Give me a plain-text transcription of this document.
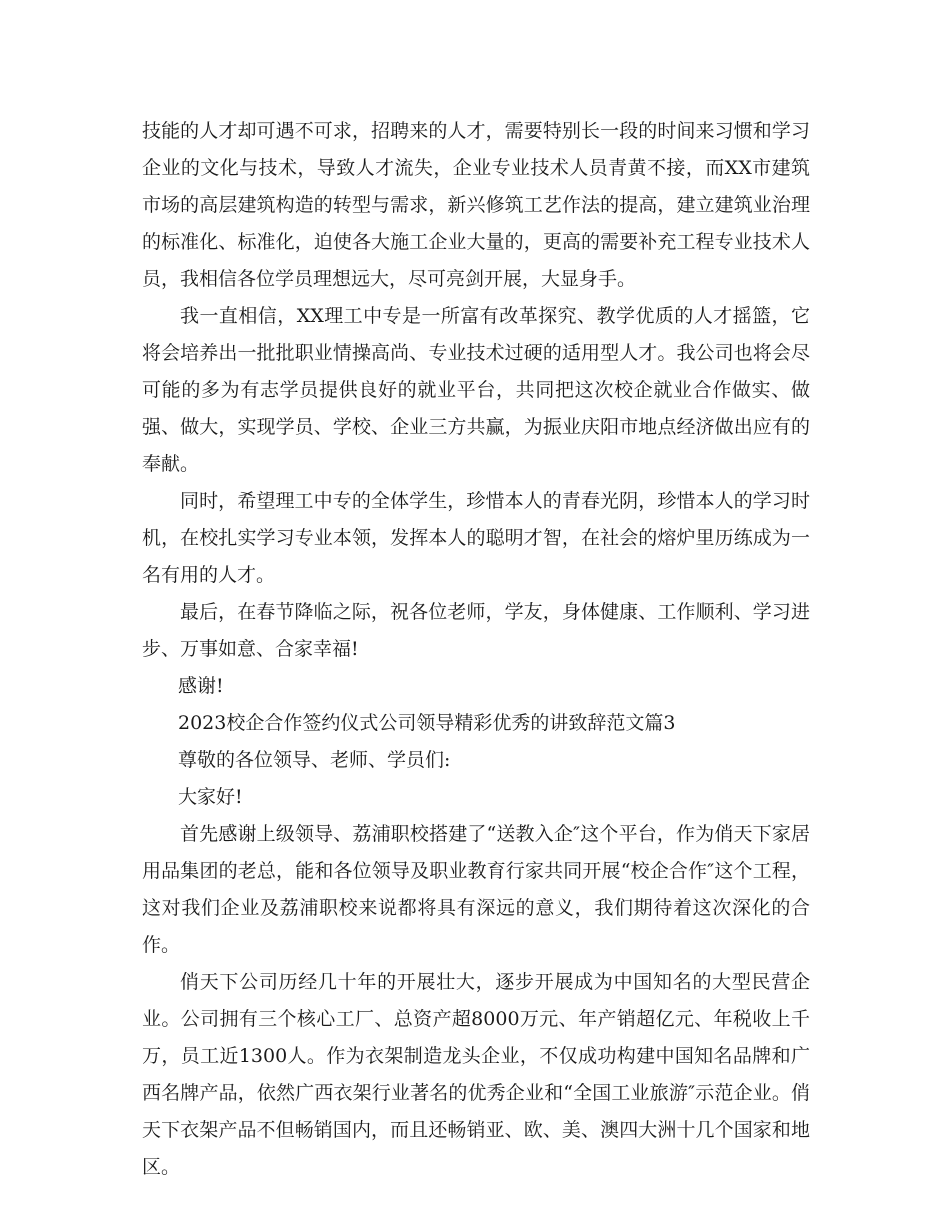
技能的人才却可遇不可求，招聘来的人才，需要特别长一段的时间来习惯和学习企业的文化与技术，导致人才流失，企业专业技术人员青黄不接，而XX市建筑市场的高层建筑构造的转型与需求，新兴修筑工艺作法的提高，建立建筑业治理的标准化、标准化，迫使各大施工企业大量的，更高的需要补充工程专业技术人员，我相信各位学员理想远大，尽可亮剑开展，大显身手。

我一直相信，XX理工中专是一所富有改革探究、教学优质的人才摇篮，它将会培养出一批批职业情操高尚、专业技术过硬的适用型人才。我公司也将会尽可能的多为有志学员提供良好的就业平台，共同把这次校企就业合作做实、做强、做大，实现学员、学校、企业三方共赢，为振业庆阳市地点经济做出应有的奉献。

同时，希望理工中专的全体学生，珍惜本人的青春光阴，珍惜本人的学习时机，在校扎实学习专业本领，发挥本人的聪明才智，在社会的熔炉里历练成为一名有用的人才。

最后，在春节降临之际，祝各位老师，学友，身体健康、工作顺利、学习进步、万事如意、合家幸福!

感谢!

2023校企合作签约仪式公司领导精彩优秀的讲致辞范文篇3

尊敬的各位领导、老师、学员们:

大家好!

首先感谢上级领导、荔浦职校搭建了“送教入企″这个平台，作为俏天下家居用品集团的老总，能和各位领导及职业教育行家共同开展“校企合作″这个工程，这对我们企业及荔浦职校来说都将具有深远的意义，我们期待着这次深化的合作。

俏天下公司历经几十年的开展壮大，逐步开展成为中国知名的大型民营企业。公司拥有三个核心工厂、总资产超8000万元、年产销超亿元、年税收上千万，员工近1300人。作为衣架制造龙头企业，不仅成功构建中国知名品牌和广西名牌产品，依然广西衣架行业著名的优秀企业和“全国工业旅游″示范企业。俏天下衣架产品不但畅销国内，而且还畅销亚、欧、美、澳四大洲十几个国家和地区。
